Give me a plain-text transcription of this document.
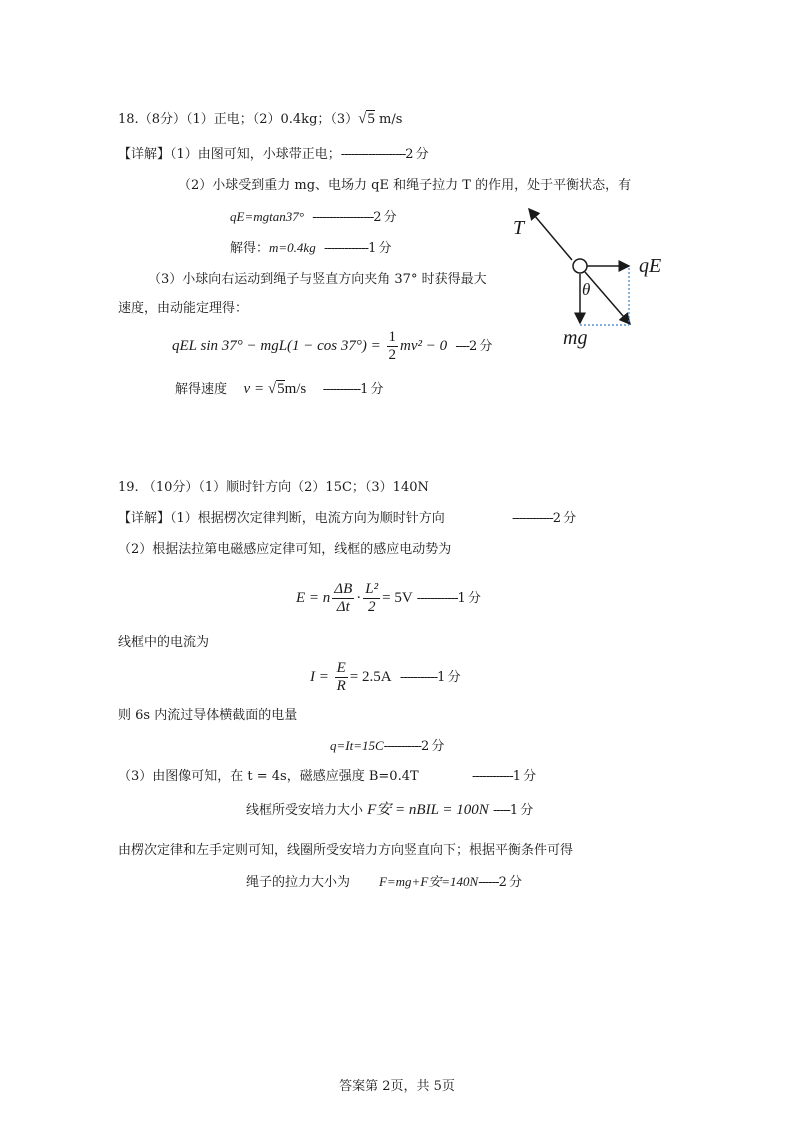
18.（8分）（1）正电；（2）0.4kg；（3）√5 m/s
【详解】（1）由图可知，小球带正电；-------------------2 分
（2）小球受到重力 mg、电场力 qE 和绳子拉力 T 的作用，处于平衡状态，有
qE=mgtan37° ------------------2 分
解得：m=0.4kg -------------1 分
（3）小球向右运动到绳子与竖直方向夹角 37° 时获得最大
速度，由动能定理得：
qEL $\sin 37^\circ - mgL(1 - \cos 37^\circ) = \frac{1}{2} mv^2 - 0$ ----2 分
解得速度 v = √5m/s -----------1 分
T
qE
θ
mg
19. （10分）（1）顺时针方向（2）15C；（3）140N
【详解】（1）根据楞次定律判断，电流方向为顺时针方向	------------2 分
（2）根据法拉第电磁感应定律可知，线框的感应电动势为
E = n $\frac{\Delta B}{\Delta t} \cdot \frac{\text{L²}}{2} = 5V$ ------------1 分
线框中的电流为
$I = \frac{E}{R} = 2.5A$ -----------1 分
则 6s 内流过导体横截面的电量
q=It=15C-----------2 分
（3）由图像可知，在 t = 4s，磁感应强度 B=0.4T	------------1 分
线框所受安培力大小 F安 = nBIL = 100N -----1 分
由楞次定律和左手定则可知，线圈所受安培力方向竖直向下；根据平衡条件可得
绳子的拉力大小为 F=mg+F安=140N------2 分
答案第 2页，共 5页
